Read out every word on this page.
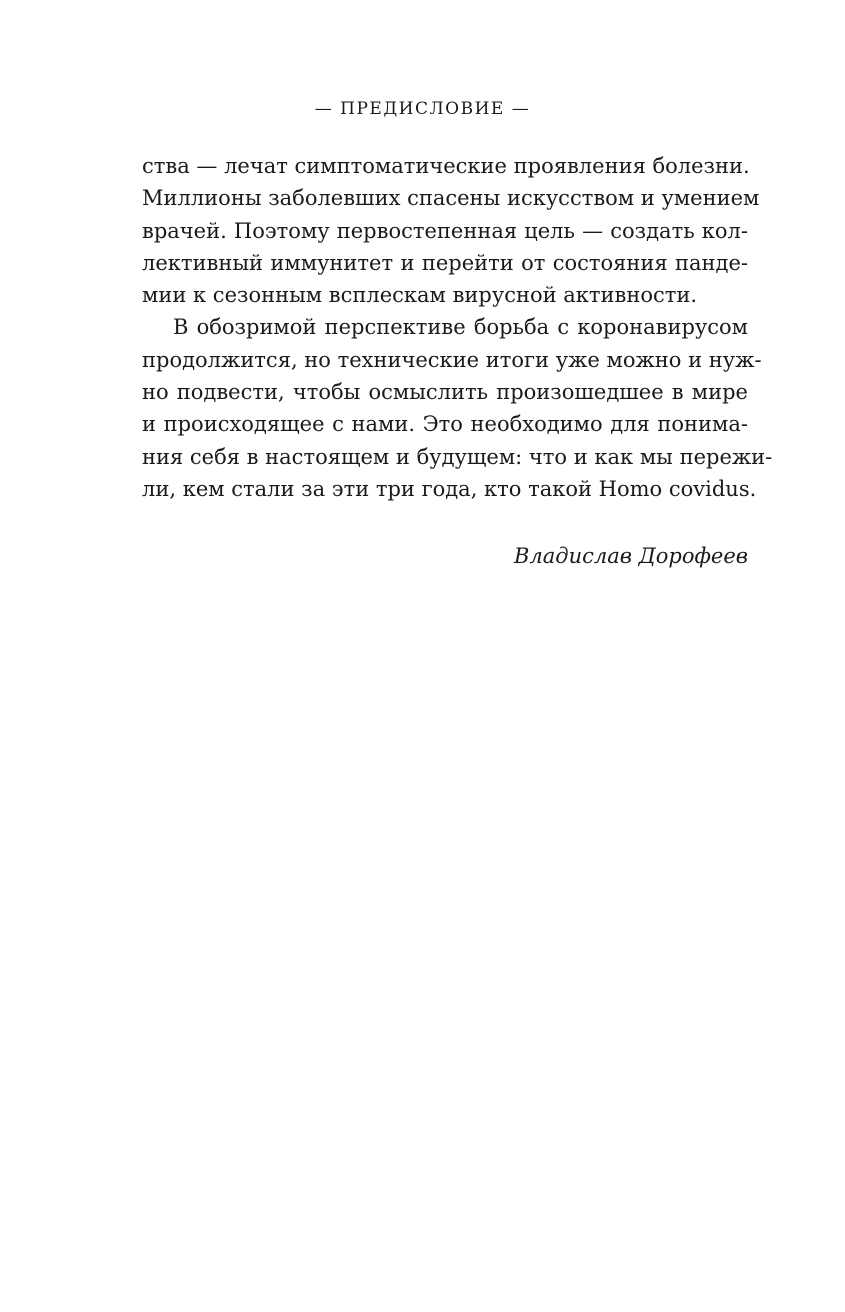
— ПРЕДИСЛОВИЕ —
ства — лечат симптоматические проявления болезни.
Миллионы заболевших спасены искусством и умением
врачей. Поэтому первостепенная цель — создать кол-
лективный иммунитет и перейти от состояния панде-
мии к сезонным всплескам вирусной активности.
В обозримой перспективе борьба с коронавирусом
продолжится, но технические итоги уже можно и нуж-
но подвести, чтобы осмыслить произошедшее в мире
и происходящее с нами. Это необходимо для понима-
ния себя в настоящем и будущем: что и как мы пережи-
ли, кем стали за эти три года, кто такой Homo covidus.
Владислав Дорофеев
